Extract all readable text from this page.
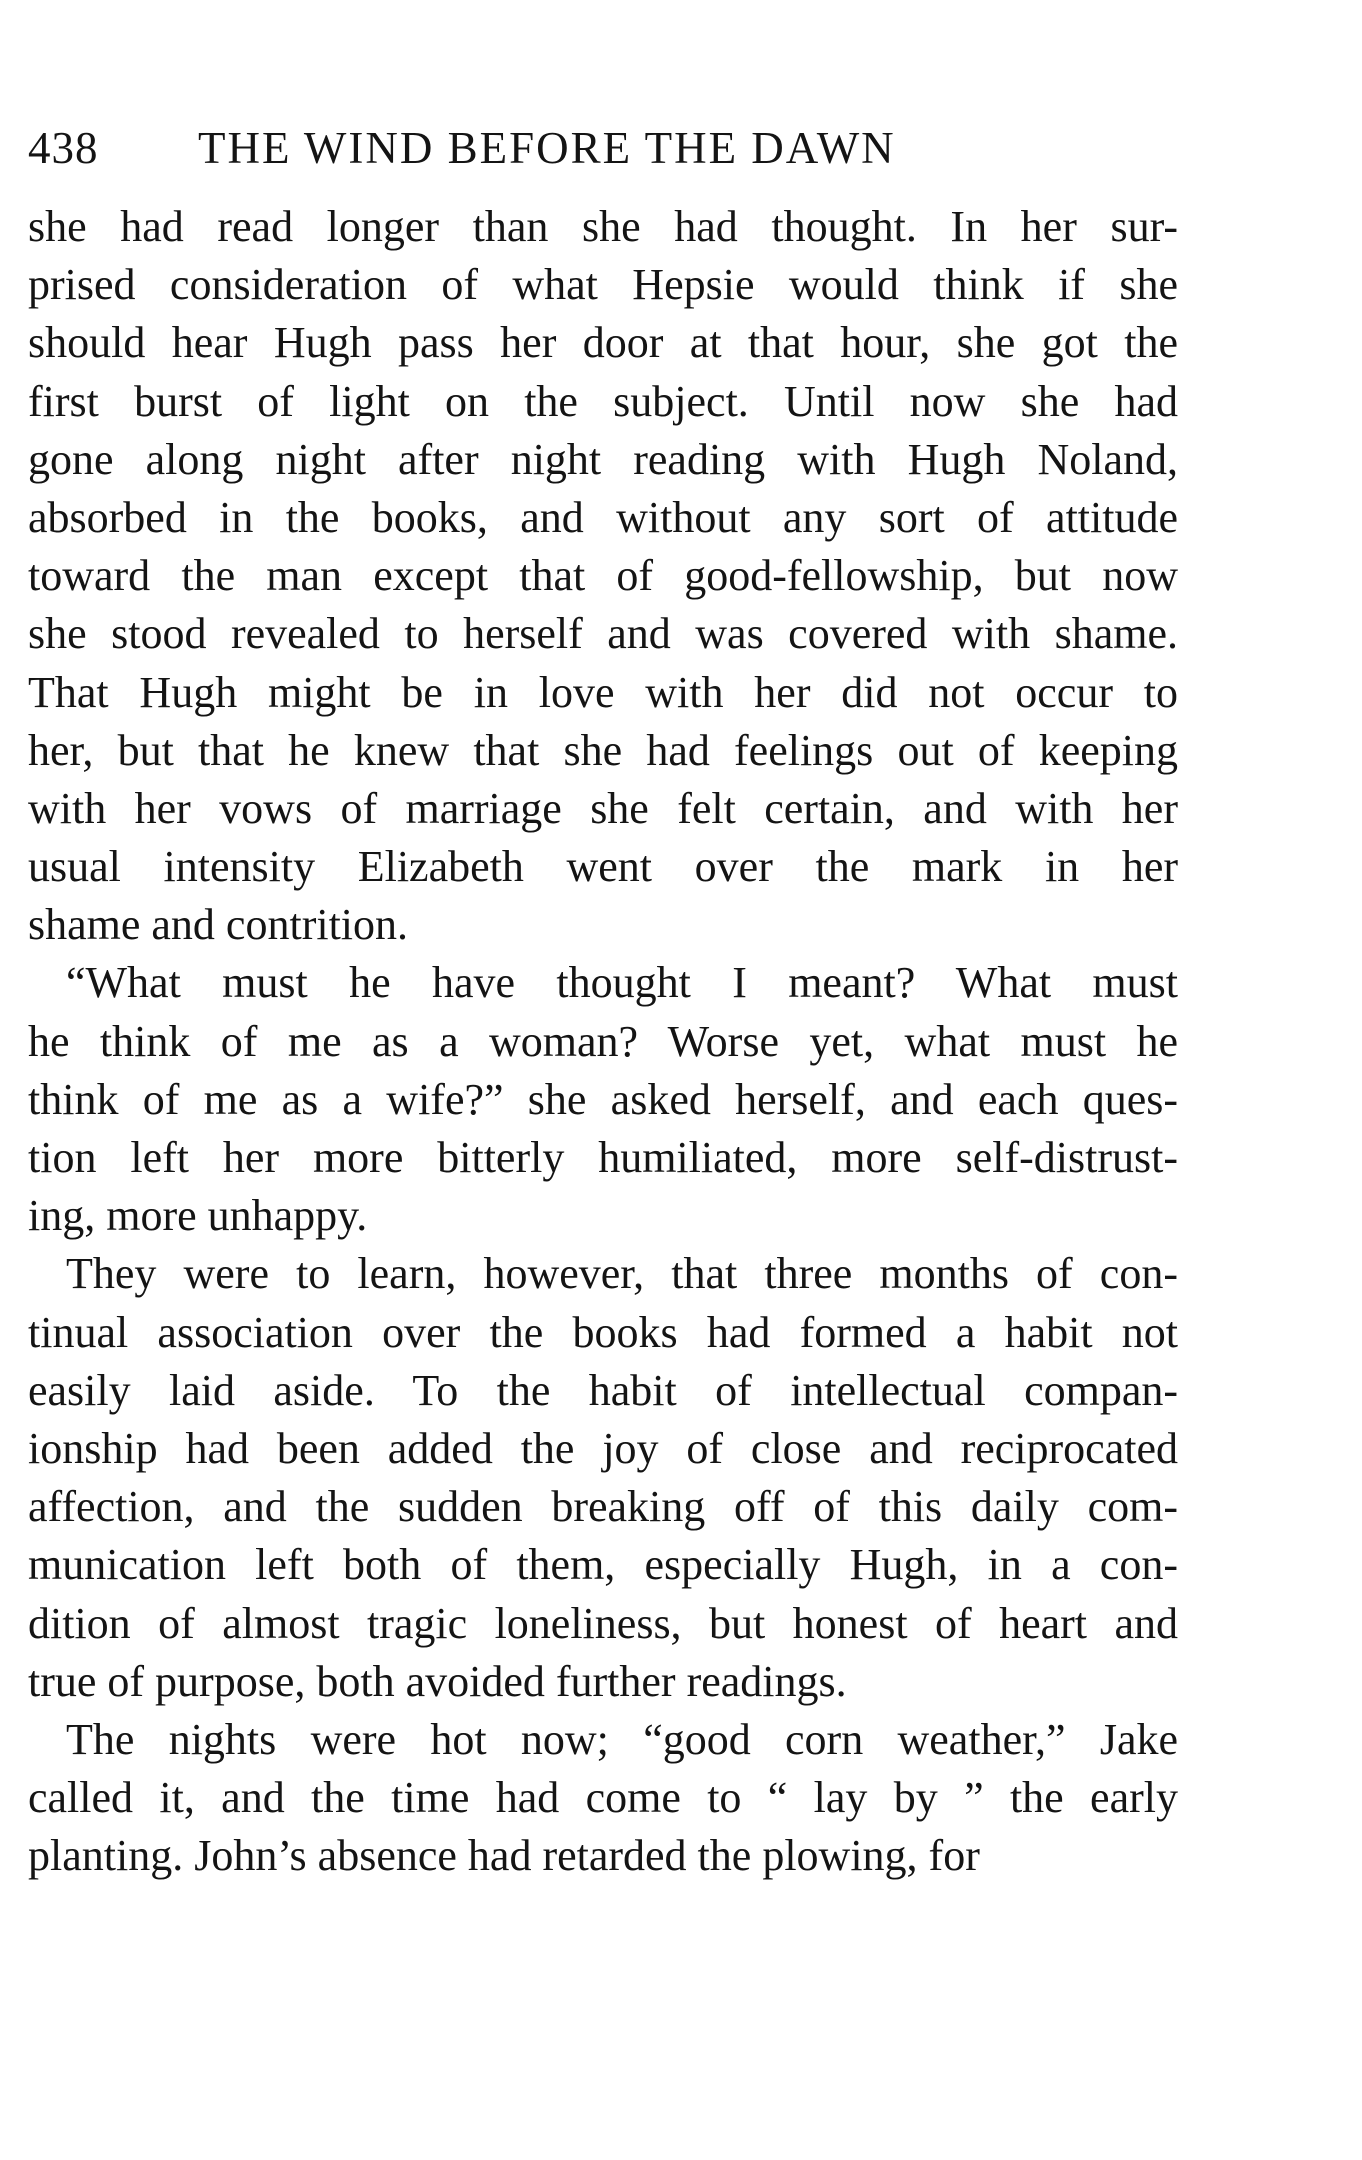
438 THE WIND BEFORE THE DAWN
she had read longer than she had thought. In her sur-
prised consideration of what Hepsie would think if she
should hear Hugh pass her door at that hour, she got the
first burst of light on the subject. Until now she had
gone along night after night reading with Hugh Noland,
absorbed in the books, and without any sort of attitude
toward the man except that of good-fellowship, but now
she stood revealed to herself and was covered with shame.
That Hugh might be in love with her did not occur to
her, but that he knew that she had feelings out of keeping
with her vows of marriage she felt certain, and with her
usual intensity Elizabeth went over the mark in her
shame and contrition.
“What must he have thought I meant? What must
he think of me as a woman? Worse yet, what must he
think of me as a wife?” she asked herself, and each ques-
tion left her more bitterly humiliated, more self-distrust-
ing, more unhappy.
They were to learn, however, that three months of con-
tinual association over the books had formed a habit not
easily laid aside. To the habit of intellectual compan-
ionship had been added the joy of close and reciprocated
affection, and the sudden breaking off of this daily com-
munication left both of them, especially Hugh, in a con-
dition of almost tragic loneliness, but honest of heart and
true of purpose, both avoided further readings.
The nights were hot now; “good corn weather,” Jake
called it, and the time had come to “ lay by ” the early
planting. John’s absence had retarded the plowing, for
